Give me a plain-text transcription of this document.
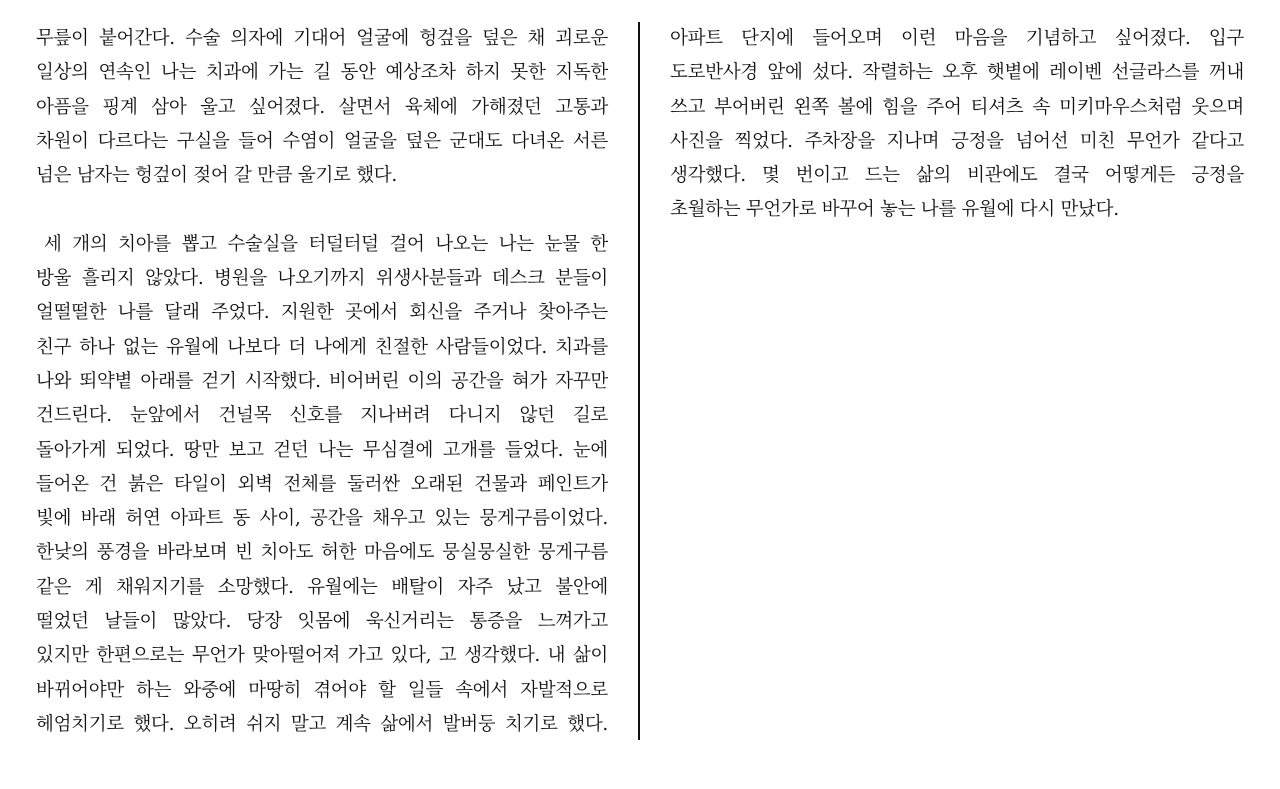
무릎이 붙어간다. 수술 의자에 기대어 얼굴에 헝겊을 덮은 채 괴로운
일상의 연속인 나는 치과에 가는 길 동안 예상조차 하지 못한 지독한
아픔을 핑계 삼아 울고 싶어졌다. 살면서 육체에 가해졌던 고통과
차원이 다르다는 구실을 들어 수염이 얼굴을 덮은 군대도 다녀온 서른
넘은 남자는 헝겊이 젖어 갈 만큼 울기로 했다.
세 개의 치아를 뽑고 수술실을 터덜터덜 걸어 나오는 나는 눈물 한
방울 흘리지 않았다. 병원을 나오기까지 위생사분들과 데스크 분들이
얼떨떨한 나를 달래 주었다. 지원한 곳에서 회신을 주거나 찾아주는
친구 하나 없는 유월에 나보다 더 나에게 친절한 사람들이었다. 치과를
나와 뙤약볕 아래를 걷기 시작했다. 비어버린 이의 공간을 혀가 자꾸만
건드린다. 눈앞에서 건널목 신호를 지나버려 다니지 않던 길로
돌아가게 되었다. 땅만 보고 걷던 나는 무심결에 고개를 들었다. 눈에
들어온 건 붉은 타일이 외벽 전체를 둘러싼 오래된 건물과 페인트가
빛에 바래 허연 아파트 동 사이, 공간을 채우고 있는 뭉게구름이었다.
한낮의 풍경을 바라보며 빈 치아도 허한 마음에도 뭉실뭉실한 뭉게구름
같은 게 채워지기를 소망했다. 유월에는 배탈이 자주 났고 불안에
떨었던 날들이 많았다. 당장 잇몸에 욱신거리는 통증을 느껴가고
있지만 한편으로는 무언가 맞아떨어져 가고 있다, 고 생각했다. 내 삶이
바뀌어야만 하는 와중에 마땅히 겪어야 할 일들 속에서 자발적으로
헤엄치기로 했다. 오히려 쉬지 말고 계속 삶에서 발버둥 치기로 했다.
아파트 단지에 들어오며 이런 마음을 기념하고 싶어졌다. 입구
도로반사경 앞에 섰다. 작렬하는 오후 햇볕에 레이벤 선글라스를 꺼내
쓰고 부어버린 왼쪽 볼에 힘을 주어 티셔츠 속 미키마우스처럼 웃으며
사진을 찍었다. 주차장을 지나며 긍정을 넘어선 미친 무언가 같다고
생각했다. 몇 번이고 드는 삶의 비관에도 결국 어떻게든 긍정을
초월하는 무언가로 바꾸어 놓는 나를 유월에 다시 만났다.
